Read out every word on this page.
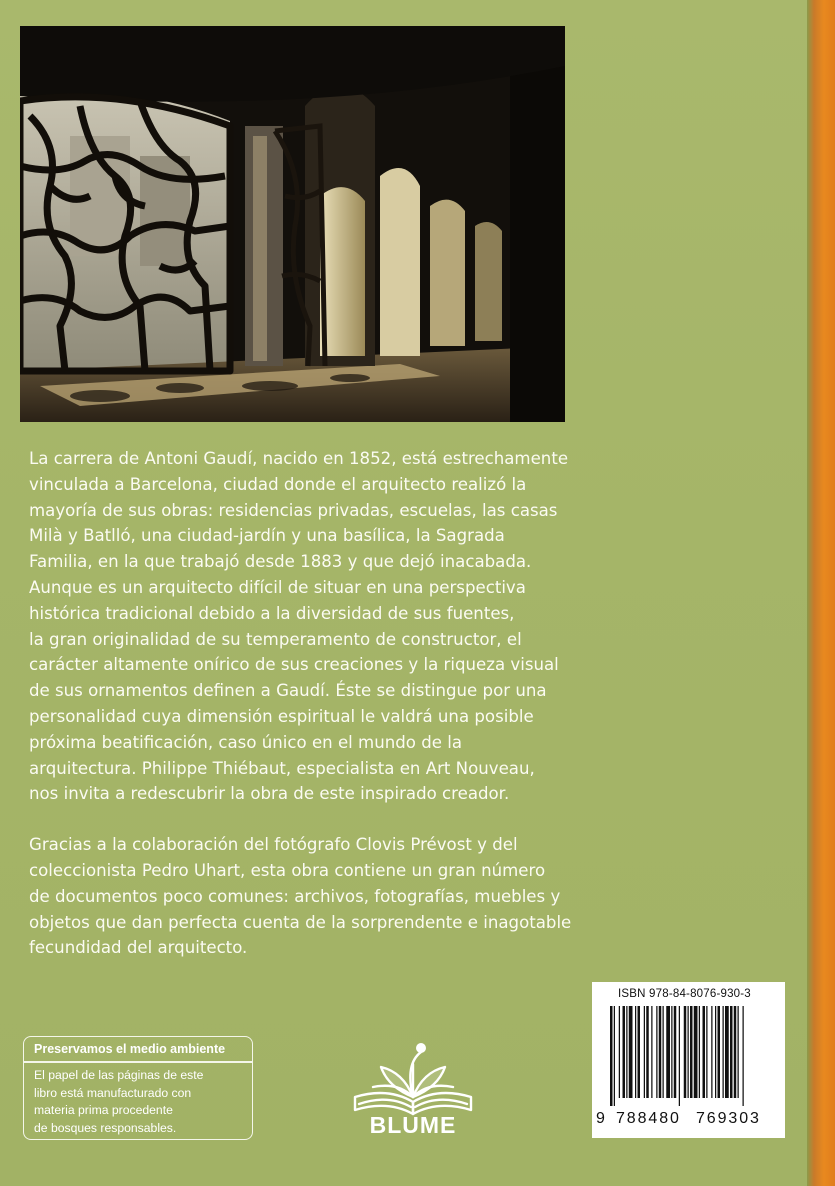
La carrera de Antoni Gaudí, nacido en 1852, está estrechamente
vinculada a Barcelona, ciudad donde el arquitecto realizó la
mayoría de sus obras: residencias privadas, escuelas, las casas
Milà y Batlló, una ciudad-jardín y una basílica, la Sagrada
Familia, en la que trabajó desde 1883 y que dejó inacabada.
Aunque es un arquitecto difícil de situar en una perspectiva
histórica tradicional debido a la diversidad de sus fuentes,
la gran originalidad de su temperamento de constructor, el
carácter altamente onírico de sus creaciones y la riqueza visual
de sus ornamentos definen a Gaudí. Éste se distingue por una
personalidad cuya dimensión espiritual le valdrá una posible
próxima beatificación, caso único en el mundo de la
arquitectura. Philippe Thiébaut, especialista en Art Nouveau,
nos invita a redescubrir la obra de este inspirado creador.

Gracias a la colaboración del fotógrafo Clovis Prévost y del
coleccionista Pedro Uhart, esta obra contiene un gran número
de documentos poco comunes: archivos, fotografías, muebles y
objetos que dan perfecta cuenta de la sorprendente e inagotable
fecundidad del arquitecto.

Preservamos el medio ambiente
El papel de las páginas de este
libro está manufacturado con
materia prima procedente
de bosques responsables.	BLUME
ISBN 978-84-8076-930-3
9 788480 769303
